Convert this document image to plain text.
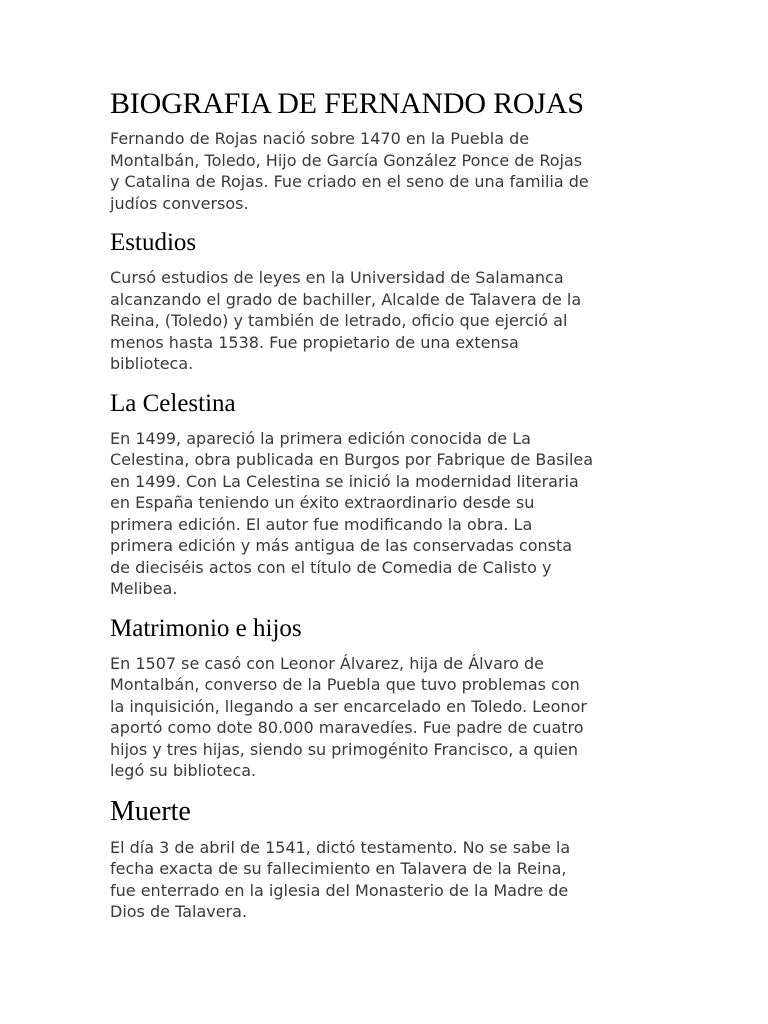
BIOGRAFIA DE FERNANDO ROJAS

Fernando de Rojas nació sobre 1470 en la Puebla de
Montalbán, Toledo, Hijo de García González Ponce de Rojas
y Catalina de Rojas. Fue criado en el seno de una familia de
judíos conversos.

Estudios

Cursó estudios de leyes en la Universidad de Salamanca
alcanzando el grado de bachiller, Alcalde de Talavera de la
Reina, (Toledo) y también de letrado, oficio que ejerció al
menos hasta 1538. Fue propietario de una extensa
biblioteca.

La Celestina

En 1499, apareció la primera edición conocida de La
Celestina, obra publicada en Burgos por Fabrique de Basilea
en 1499. Con La Celestina se inició la modernidad literaria
en España teniendo un éxito extraordinario desde su
primera edición. El autor fue modificando la obra. La
primera edición y más antigua de las conservadas consta
de dieciséis actos con el título de Comedia de Calisto y
Melibea.

Matrimonio e hijos

En 1507 se casó con Leonor Álvarez, hija de Álvaro de
Montalbán, converso de la Puebla que tuvo problemas con
la inquisición, llegando a ser encarcelado en Toledo. Leonor
aportó como dote 80.000 maravedíes. Fue padre de cuatro
hijos y tres hijas, siendo su primogénito Francisco, a quien
legó su biblioteca.

Muerte

El día 3 de abril de 1541, dictó testamento. No se sabe la
fecha exacta de su fallecimiento en Talavera de la Reina,
fue enterrado en la iglesia del Monasterio de la Madre de
Dios de Talavera.
